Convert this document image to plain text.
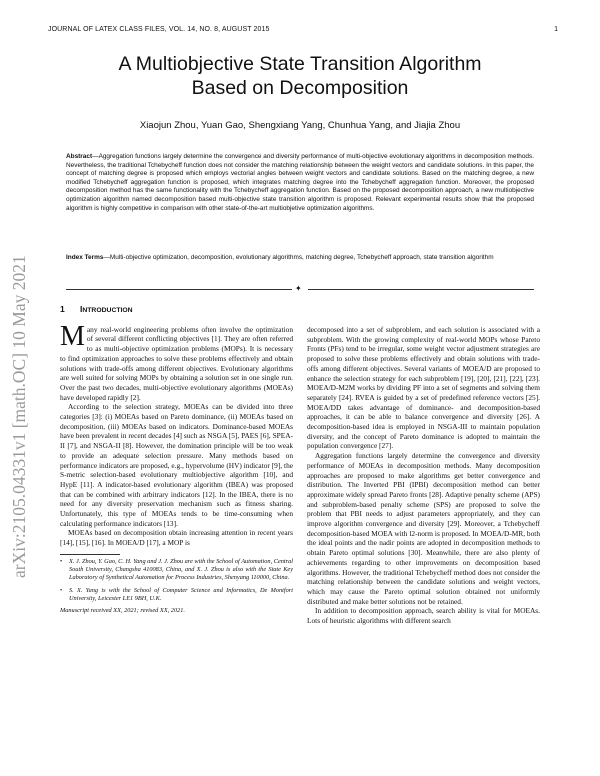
JOURNAL OF LATEX CLASS FILES, VOL. 14, NO. 8, AUGUST 2015	1
arXiv:2105.04331v1 [math.OC] 10 May 2021
A Multiobjective State Transition Algorithm
Based on Decomposition
Xiaojun Zhou, Yuan Gao, Shengxiang Yang, Chunhua Yang, and Jiajia Zhou
Abstract—Aggregation functions largely determine the convergence and diversity performance of multi-objective evolutionary algorithms in decomposition methods. Nevertheless, the traditional Tchebycheff function does not consider the matching relationship between the weight vectors and candidate solutions. In this paper, the concept of matching degree is proposed which employs vectorial angles between weight vectors and candidate solutions. Based on the matching degree, a new modified Tchebycheff aggregation function is proposed, which integrates matching degree into the Tchebycheff aggregation function. Moreover, the proposed decomposition method has the same functionality with the Tchebycheff aggregation function. Based on the proposed decomposition approach, a new multiobjective optimization algorithm named decomposition based multi-objective state transition algorithm is proposed. Relevant experimental results show that the proposed algorithm is highly competitive in comparison with other state-of-the-art multiobjetive optimization algorithms.
Index Terms—Multi-objective optimization, decomposition, evolutionary algorithms, matching degree, Tchebycheff approach, state transition algorithm
✦
1 INTRODUCTION

Many real-world engineering problems often involve the optimization of several different conflicting objectives [1]. They are often referred to as multi-objective optimization problems (MOPs). It is necessary to find optimization approaches to solve these problems effectively and obtain solutions with trade-offs among different objectives. Evolutionary algorithms are well suited for solving MOPs by obtaining a solution set in one single run. Over the past two decades, multi-objective evolutionary algorithms (MOEAs) have developed rapidly [2].

According to the selection strategy, MOEAs can be divided into three categories [3]: (i) MOEAs based on Pareto dominance, (ii) MOEAs based on decomposition, (iii) MOEAs based on indicators. Dominance-based MOEAs have been prevalent in recent decades [4] such as NSGA [5], PAES [6], SPEA-II [7], and NSGA-II [8]. However, the domination principle will be too weak to provide an adequate selection pressure. Many methods based on performance indicators are proposed, e.g., hypervolume (HV) indicator [9], the S-metric selection-based evolutionary multiobjective algorithm [10], and HypE [11]. A indicator-based evolutionary algorithm (IBEA) was proposed that can be combined with arbitrary indicators [12]. In the IBEA, there is no need for any diversity preservation mechanism such as fitness sharing. Unfortunately, this type of MOEAs tends to be time-consuming when calculating performance indicators [13].

MOEAs based on decomposition obtain increasing attention in recent years [14], [15], [16]. In MOEA/D [17], a MOP is

• X. J. Zhou, Y. Gao, C. H. Yang and J. J. Zhou are with the School of Automation, Central South University, Changsha 410083, China, and X. J. Zhou is also with the State Key Laboratory of Synthetical Automation for Process Industries, Shenyang 110000, China.

• S. X. Yang is with the School of Computer Science and Informatics, De Montfort University, Leicester LE1 9BH, U.K.

Manuscript received XX, 2021; revised XX, 2021.

decomposed into a set of subproblem, and each solution is associated with a subproblem. With the growing complexity of real-world MOPs whose Pareto Fronts (PFs) tend to be irregular, some weight vector adjustment strategies are proposed to solve these problems effectively and obtain solutions with trade-offs among different objectives. Several variants of MOEA/D are proposed to enhance the selection strategy for each subproblem [19], [20], [21], [22], [23]. MOEA/D-M2M works by dividing PF into a set of segments and solving them separately [24]. RVEA is guided by a set of predefined reference vectors [25]. MOEA/DD takes advantage of dominance- and decomposition-based approaches, it can be able to balance convergence and diversity [26]. A decomposition-based idea is employed in NSGA-III to maintain population diversity, and the concept of Pareto dominance is adopted to maintain the population convergence [27].

Aggregation functions largely determine the convergence and diversity performance of MOEAs in decomposition methods. Many decomposition approaches are proposed to make algorithms get better convergence and distribution. The Inverted PBI (IPBI) decomposition method can better approximate widely spread Pareto fronts [28]. Adaptive penalty scheme (APS) and subproblem-based penalty scheme (SPS) are proposed to solve the problem that PBI needs to adjust parameters appropriately, and they can improve algorithm convergence and diversity [29]. Moreover, a Tchebycheff decomposition-based MOEA with l2-norm is proposed. In MOEA/D-MR, both the ideal points and the nadir points are adopted in decomposition methods to obtain Pareto optimal solutions [30]. Meanwhile, there are also plenty of achievements regarding to other improvements on decomposition based algorithms. However, the traditional Tchebycheff method does not consider the matching relationship between the candidate solutions and weight vectors, which may cause the Pareto optimal solution obtained not uniformly distributed and make better solutions not be retained.

In addition to decomposition approach, search ability is vital for MOEAs. Lots of heuristic algorithms with different search
